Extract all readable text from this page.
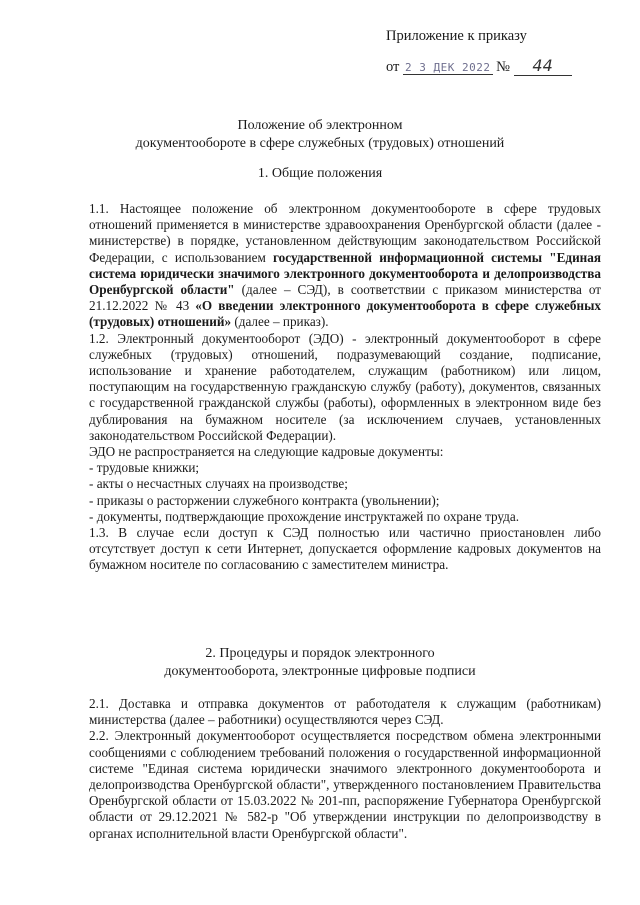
Приложение к приказу
от 2 3 ДЕК 2022 № 44
Положение об электронном
документообороте в сфере служебных (трудовых) отношений
1. Общие положения

1.1. Настоящее положение об электронном документообороте в сфере трудовых отношений применяется в министерстве здравоохранения Оренбургской области (далее - министерстве) в порядке, установленном действующим законодательством Российской Федерации, с использованием государственной информационной системы "Единая система юридически значимого электронного документооборота и делопроизводства Оренбургской области" (далее – СЭД), в соответствии с приказом министерства от 21.12.2022 № 43 «О введении электронного документооборота в сфере служебных (трудовых) отношений» (далее – приказ).

1.2. Электронный документооборот (ЭДО) - электронный документооборот в сфере служебных (трудовых) отношений, подразумевающий создание, подписание, использование и хранение работодателем, служащим (работником) или лицом, поступающим на государственную гражданскую службу (работу), документов, связанных с государственной гражданской службы (работы), оформленных в электронном виде без дублирования на бумажном носителе (за исключением случаев, установленных законодательством Российской Федерации).

ЭДО не распространяется на следующие кадровые документы:
- трудовые книжки;
- акты о несчастных случаях на производстве;
- приказы о расторжении служебного контракта (увольнении);
- документы, подтверждающие прохождение инструктажей по охране труда.

1.3. В случае если доступ к СЭД полностью или частично приостановлен либо отсутствует доступ к сети Интернет, допускается оформление кадровых документов на бумажном носителе по согласованию с заместителем министра.

2. Процедуры и порядок электронного
документооборота, электронные цифровые подписи

2.1. Доставка и отправка документов от работодателя к служащим (работникам) министерства (далее – работники) осуществляются через СЭД.

2.2. Электронный документооборот осуществляется посредством обмена электронными сообщениями с соблюдением требований положения о государственной информационной системе "Единая система юридически значимого электронного документооборота и делопроизводства Оренбургской области", утвержденного постановлением Правительства Оренбургской области от 15.03.2022 № 201-пп, распоряжение Губернатора Оренбургской области от 29.12.2021 № 582-р "Об утверждении инструкции по делопроизводству в органах исполнительной власти Оренбургской области".
